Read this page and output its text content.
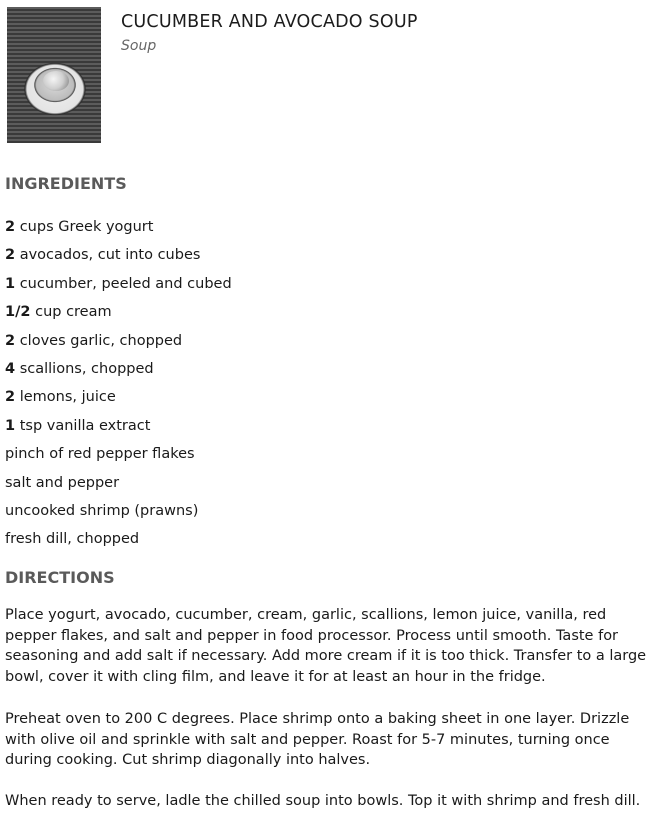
CUCUMBER AND AVOCADO SOUP
Soup
INGREDIENTS
2 cups Greek yogurt
2 avocados, cut into cubes
1 cucumber, peeled and cubed
1/2 cup cream
2 cloves garlic, chopped
4 scallions, chopped
2 lemons, juice
1 tsp vanilla extract
pinch of red pepper flakes
salt and pepper
uncooked shrimp (prawns)
fresh dill, chopped
DIRECTIONS

Place yogurt, avocado, cucumber, cream, garlic, scallions, lemon juice, vanilla, red pepper flakes, and salt and pepper in food processor. Process until smooth. Taste for seasoning and add salt if necessary. Add more cream if it is too thick. Transfer to a large bowl, cover it with cling film, and leave it for at least an hour in the fridge.

Preheat oven to 200 C degrees. Place shrimp onto a baking sheet in one layer. Drizzle with olive oil and sprinkle with salt and pepper. Roast for 5-7 minutes, turning once during cooking. Cut shrimp diagonally into halves.

When ready to serve, ladle the chilled soup into bowls. Top it with shrimp and fresh dill.
